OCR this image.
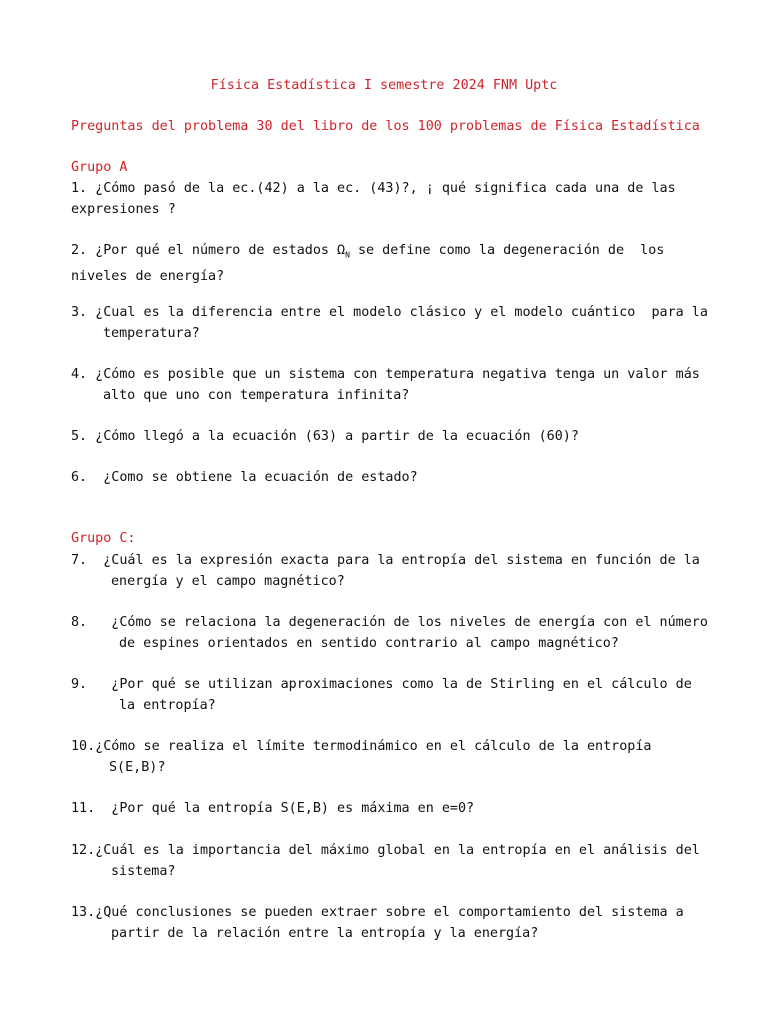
Física Estadística I semestre 2024 FNM Uptc
Preguntas del problema 30 del libro de los 100 problemas de Física Estadística
Grupo A
1. ¿Cómo pasó de la ec.(42) a la ec. (43)?, ¡ qué significa cada una de las
expresiones ?
2. ¿Por qué el número de estados $\Omega_N$ se define como la degeneración de  los
niveles de energía?
3. ¿Cual es la diferencia entre el modelo clásico y el modelo cuántico  para la
temperatura?
4. ¿Cómo es posible que un sistema con temperatura negativa tenga un valor más
alto que uno con temperatura infinita?
5. ¿Cómo llegó a la ecuación (63) a partir de la ecuación (60)?
6.  ¿Como se obtiene la ecuación de estado?
Grupo C:
7.  ¿Cuál es la expresión exacta para la entropía del sistema en función de la
energía y el campo magnético?
8.   ¿Cómo se relaciona la degeneración de los niveles de energía con el número
de espines orientados en sentido contrario al campo magnético?
9.   ¿Por qué se utilizan aproximaciones como la de Stirling en el cálculo de
la entropía?
10.¿Cómo se realiza el límite termodinámico en el cálculo de la entropía
S(E,B)?
11.  ¿Por qué la entropía S(E,B) es máxima en e=0?
12.¿Cuál es la importancia del máximo global en la entropía en el análisis del
sistema?
13.¿Qué conclusiones se pueden extraer sobre el comportamiento del sistema a
partir de la relación entre la entropía y la energía?
